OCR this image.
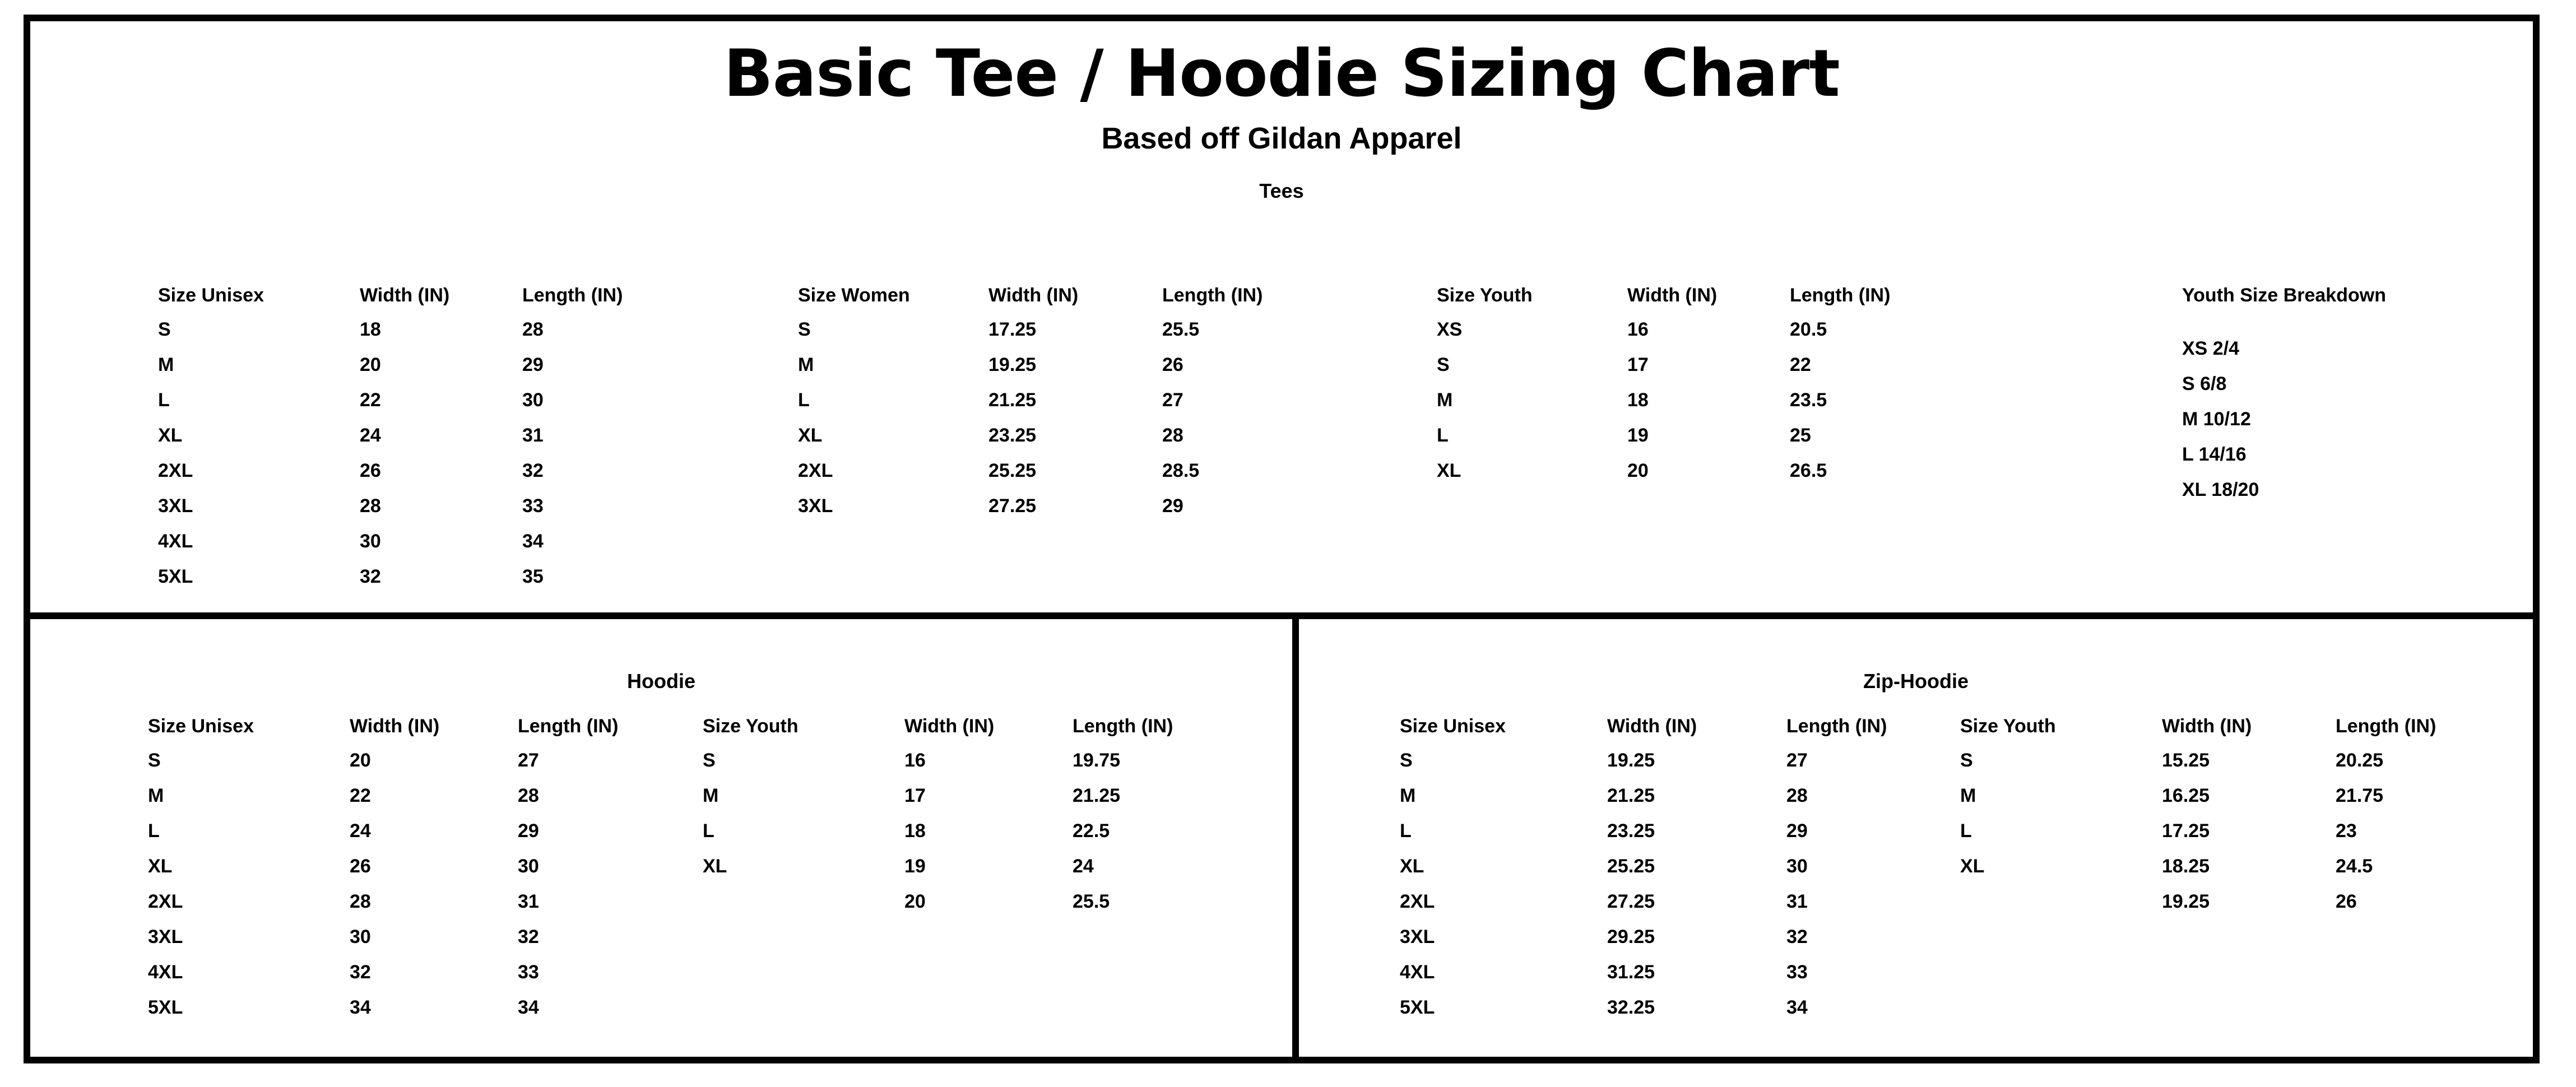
Basic Tee / Hoodie Sizing Chart
Based off Gildan Apparel
Tees
Size Unisex	Width (IN)	Length (IN)
S	18	28
M	20	29
L	22	30
XL	24	31
2XL	26	32
3XL	28	33
4XL	30	34
5XL	32	35
Size Women	Width (IN)	Length (IN)
S	17.25	25.5
M	19.25	26
L	21.25	27
XL	23.25	28
2XL	25.25	28.5
3XL	27.25	29
Size Youth	Width (IN)	Length (IN)
XS	16	20.5
S	17	22
M	18	23.5
L	19	25
XL	20	26.5
Youth Size Breakdown
XS 2/4
S 6/8
M 10/12
L 14/16
XL 18/20
Hoodie
Size Unisex	Width (IN)	Length (IN)
S	20	27
M	22	28
L	24	29
XL	26	30
2XL	28	31
3XL	30	32
4XL	32	33
5XL	34	34
Size Youth	Width (IN)	Length (IN)
S	16	19.75
M	17	21.25
L	18	22.5
XL	19	24
	20	25.5
Zip-Hoodie
Size Unisex	Width (IN)	Length (IN)
S	19.25	27
M	21.25	28
L	23.25	29
XL	25.25	30
2XL	27.25	31
3XL	29.25	32
4XL	31.25	33
5XL	32.25	34
Size Youth	Width (IN)	Length (IN)
S	15.25	20.25
M	16.25	21.75
L	17.25	23
XL	18.25	24.5
	19.25	26
